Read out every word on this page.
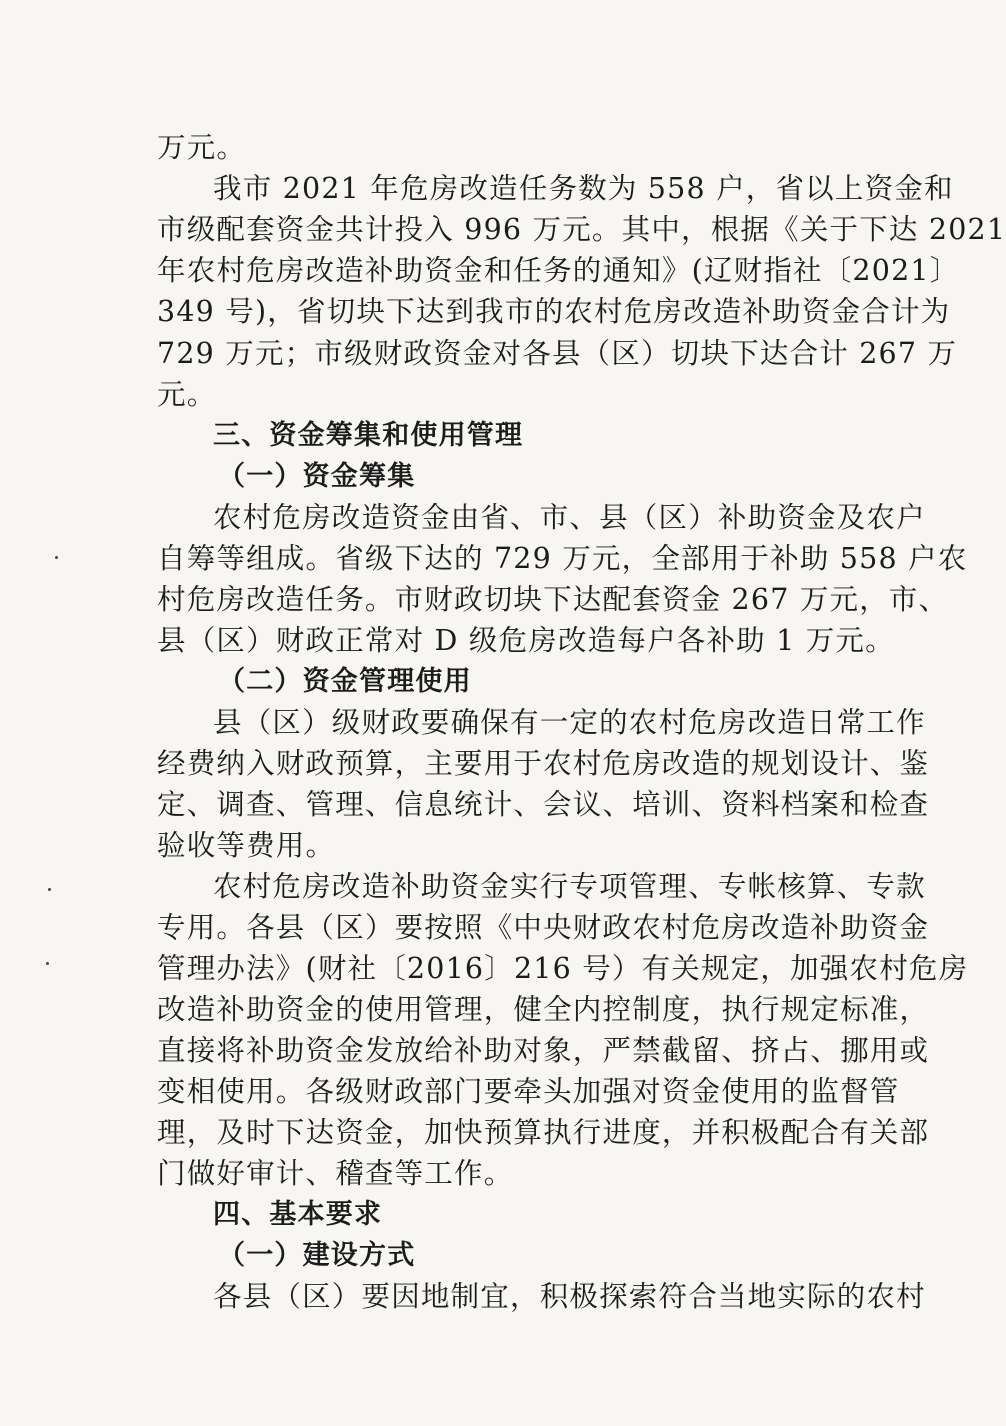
万元。
我市 2021 年危房改造任务数为 558 户，省以上资金和
市级配套资金共计投入 996 万元。其中，根据《关于下达 2021
年农村危房改造补助资金和任务的通知》(辽财指社〔2021〕
349 号)，省切块下达到我市的农村危房改造补助资金合计为
729 万元；市级财政资金对各县（区）切块下达合计 267 万
元。
三、资金筹集和使用管理
（一）资金筹集
农村危房改造资金由省、市、县（区）补助资金及农户
自筹等组成。省级下达的 729 万元，全部用于补助 558 户农
村危房改造任务。市财政切块下达配套资金 267 万元，市、
县（区）财政正常对 D 级危房改造每户各补助 1 万元。
（二）资金管理使用
县（区）级财政要确保有一定的农村危房改造日常工作
经费纳入财政预算，主要用于农村危房改造的规划设计、鉴
定、调查、管理、信息统计、会议、培训、资料档案和检查
验收等费用。
农村危房改造补助资金实行专项管理、专帐核算、专款
专用。各县（区）要按照《中央财政农村危房改造补助资金
管理办法》(财社〔2016〕216 号）有关规定，加强农村危房
改造补助资金的使用管理，健全内控制度，执行规定标准，
直接将补助资金发放给补助对象，严禁截留、挤占、挪用或
变相使用。各级财政部门要牵头加强对资金使用的监督管
理，及时下达资金，加快预算执行进度，并积极配合有关部
门做好审计、稽查等工作。
四、基本要求
（一）建设方式
各县（区）要因地制宜，积极探索符合当地实际的农村
